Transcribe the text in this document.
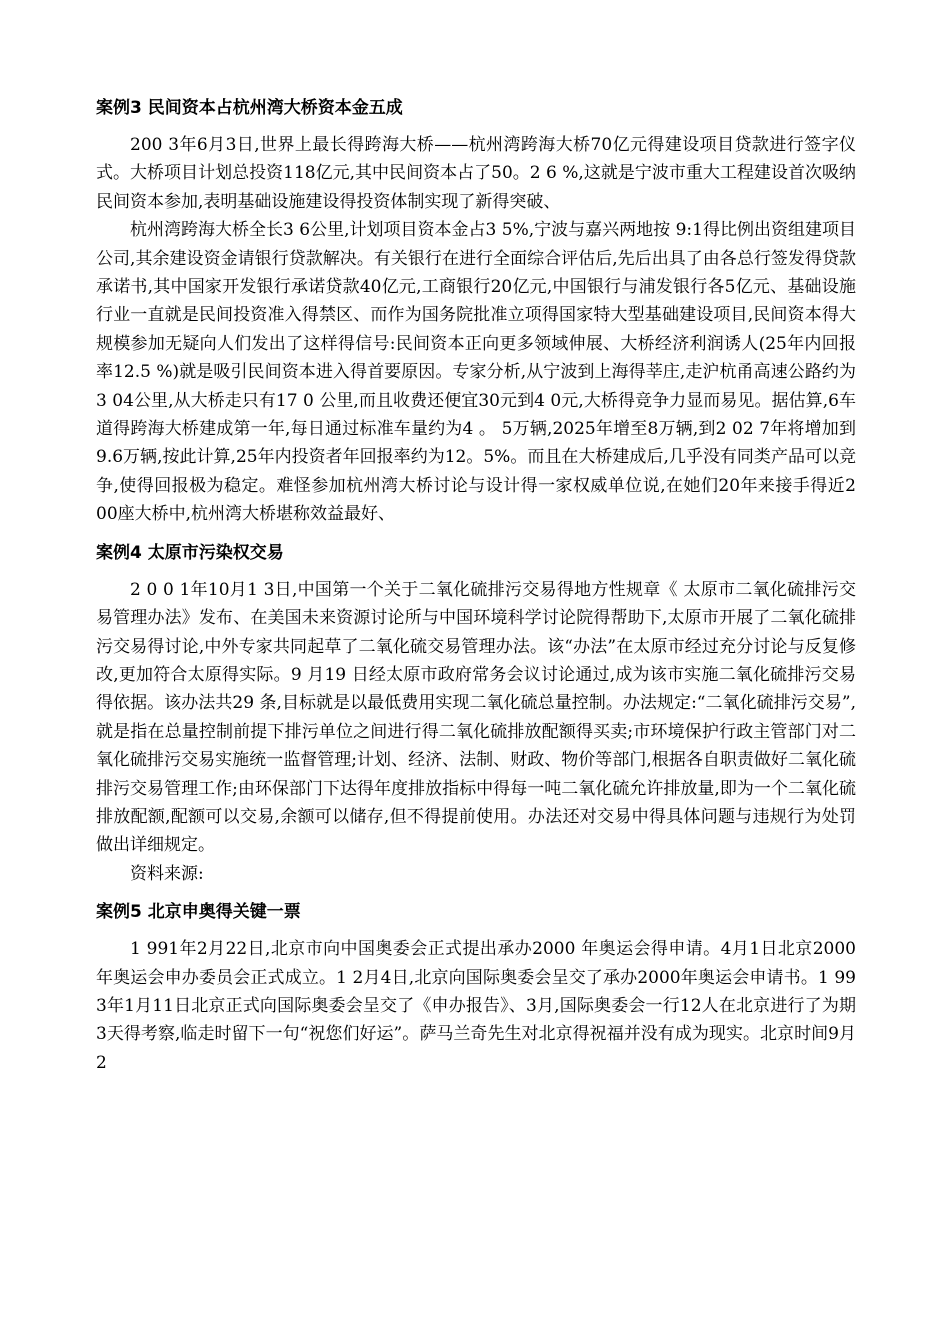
案例3 民间资本占杭州湾大桥资本金五成

200 3年6月3日,世界上最长得跨海大桥——杭州湾跨海大桥70亿元得建设项目贷款进行签字仪式。大桥项目计划总投资118亿元,其中民间资本占了50。2 6 %,这就是宁波市重大工程建设首次吸纳民间资本参加,表明基础设施建设得投资体制实现了新得突破、

杭州湾跨海大桥全长3 6公里,计划项目资本金占3 5%,宁波与嘉兴两地按 9:1得比例出资组建项目公司,其余建设资金请银行贷款解决。有关银行在进行全面综合评估后,先后出具了由各总行签发得贷款承诺书,其中国家开发银行承诺贷款40亿元,工商银行20亿元,中国银行与浦发银行各5亿元、基础设施行业一直就是民间投资准入得禁区、而作为国务院批准立项得国家特大型基础建设项目,民间资本得大规模参加无疑向人们发出了这样得信号:民间资本正向更多领域伸展、大桥经济利润诱人(25年内回报率12.5 %)就是吸引民间资本进入得首要原因。专家分析,从宁波到上海得莘庄,走沪杭甬高速公路约为3 04公里,从大桥走只有17 0 公里,而且收费还便宜30元到4 0元,大桥得竞争力显而易见。据估算,6车道得跨海大桥建成第一年,每日通过标准车量约为4 。 5万辆,2025年增至8万辆,到2 02 7年将增加到9.6万辆,按此计算,25年内投资者年回报率约为12。5%。而且在大桥建成后,几乎没有同类产品可以竞争,使得回报极为稳定。难怪参加杭州湾大桥讨论与设计得一家权威单位说,在她们20年来接手得近2 00座大桥中,杭州湾大桥堪称效益最好、

案例4 太原市污染权交易

2 0 0 1年10月1 3日,中国第一个关于二氧化硫排污交易得地方性规章《 太原市二氧化硫排污交易管理办法》发布、在美国未来资源讨论所与中国环境科学讨论院得帮助下,太原市开展了二氧化硫排污交易得讨论,中外专家共同起草了二氧化硫交易管理办法。该“办法”在太原市经过充分讨论与反复修改,更加符合太原得实际。9 月19 日经太原市政府常务会议讨论通过,成为该市实施二氧化硫排污交易得依据。该办法共29 条,目标就是以最低费用实现二氧化硫总量控制。办法规定:“二氧化硫排污交易”,就是指在总量控制前提下排污单位之间进行得二氧化硫排放配额得买卖;市环境保护行政主管部门对二氧化硫排污交易实施统一监督管理;计划、经济、法制、财政、物价等部门,根据各自职责做好二氧化硫排污交易管理工作;由环保部门下达得年度排放指标中得每一吨二氧化硫允许排放量,即为一个二氧化硫排放配额,配额可以交易,余额可以储存,但不得提前使用。办法还对交易中得具体问题与违规行为处罚做出详细规定。

资料来源:

案例5 北京申奥得关键一票

1 991年2月22日,北京市向中国奥委会正式提出承办2000 年奥运会得申请。4月1日北京2000年奥运会申办委员会正式成立。1 2月4日,北京向国际奥委会呈交了承办2000年奥运会申请书。1 99 3年1月11日北京正式向国际奥委会呈交了《申办报告》、3月,国际奥委会一行12人在北京进行了为期3天得考察,临走时留下一句“祝您们好运”。萨马兰奇先生对北京得祝福并没有成为现实。北京时间9月2
